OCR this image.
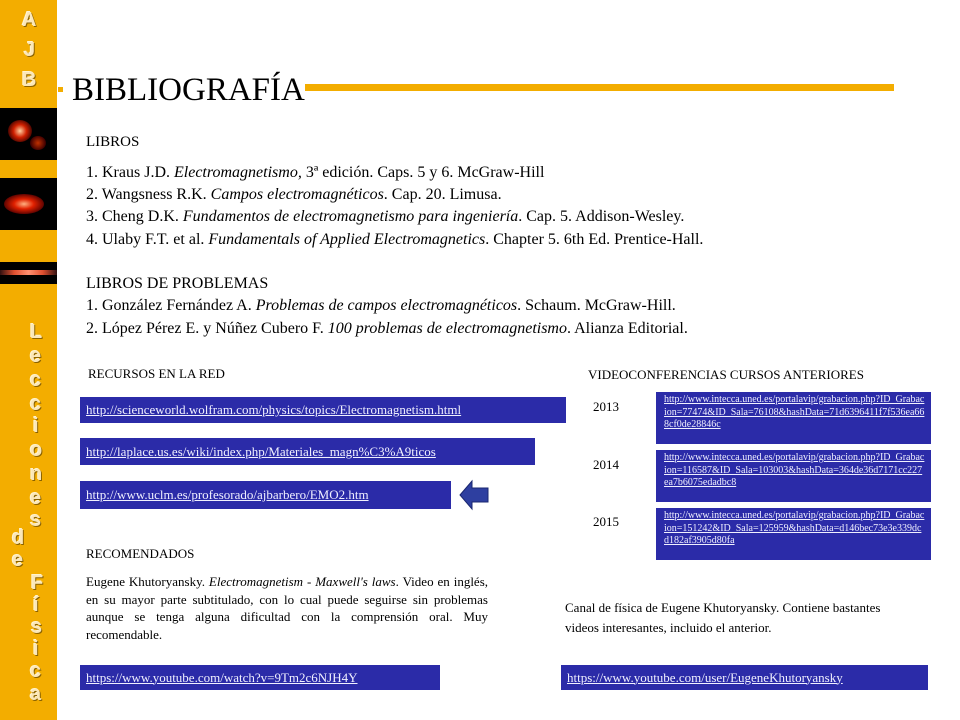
A
J
B
L
e
c
c
i
o
n
e
s
d
e
F
í
s
i
c
a
BIBLIOGRAFÍA
LIBROS
1. Kraus J.D. Electromagnetismo, 3ª edición. Caps. 5 y 6. McGraw-Hill
2. Wangsness R.K. Campos electromagnéticos. Cap. 20. Limusa.
3. Cheng D.K. Fundamentos de electromagnetismo para ingeniería. Cap. 5. Addison-Wesley.
4. Ulaby F.T. et al. Fundamentals of Applied Electromagnetics. Chapter 5. 6th Ed. Prentice-Hall.
LIBROS DE PROBLEMAS
1. González Fernández A. Problemas de campos electromagnéticos. Schaum. McGraw-Hill.
2. López Pérez E. y Núñez Cubero F. 100 problemas de electromagnetismo. Alianza Editorial.
RECURSOS EN LA RED
http://scienceworld.wolfram.com/physics/topics/Electromagnetism.html
http://laplace.us.es/wiki/index.php/Materiales_magn%C3%A9ticos
http://www.uclm.es/profesorado/ajbarbero/EMO2.htm
VIDEOCONFERENCIAS CURSOS ANTERIORES
2013	http://www.intecca.uned.es/portalavip/grabacion.php?ID_Grabacion=77474&ID_Sala=76108&hashData=71d6396411f7f536ea668cf0de28846c
2014	http://www.intecca.uned.es/portalavip/grabacion.php?ID_Grabacion=116587&ID_Sala=103003&hashData=364de36d7171cc227ea7b6075edadbc8
2015	http://www.intecca.uned.es/portalavip/grabacion.php?ID_Grabacion=151242&ID_Sala=125959&hashData=d146bec73e3e339dcd182af3905d80fa
RECOMENDADOS
Eugene Khutoryansky. Electromagnetism - Maxwell's laws. Video en inglés, en su mayor parte subtitulado, con lo cual puede seguirse sin problemas aunque se tenga alguna dificultad con la comprensión oral. Muy recomendable.
https://www.youtube.com/watch?v=9Tm2c6NJH4Y
Canal de física de Eugene Khutoryansky. Contiene bastantes videos interesantes, incluido el anterior.
https://www.youtube.com/user/EugeneKhutoryansky
